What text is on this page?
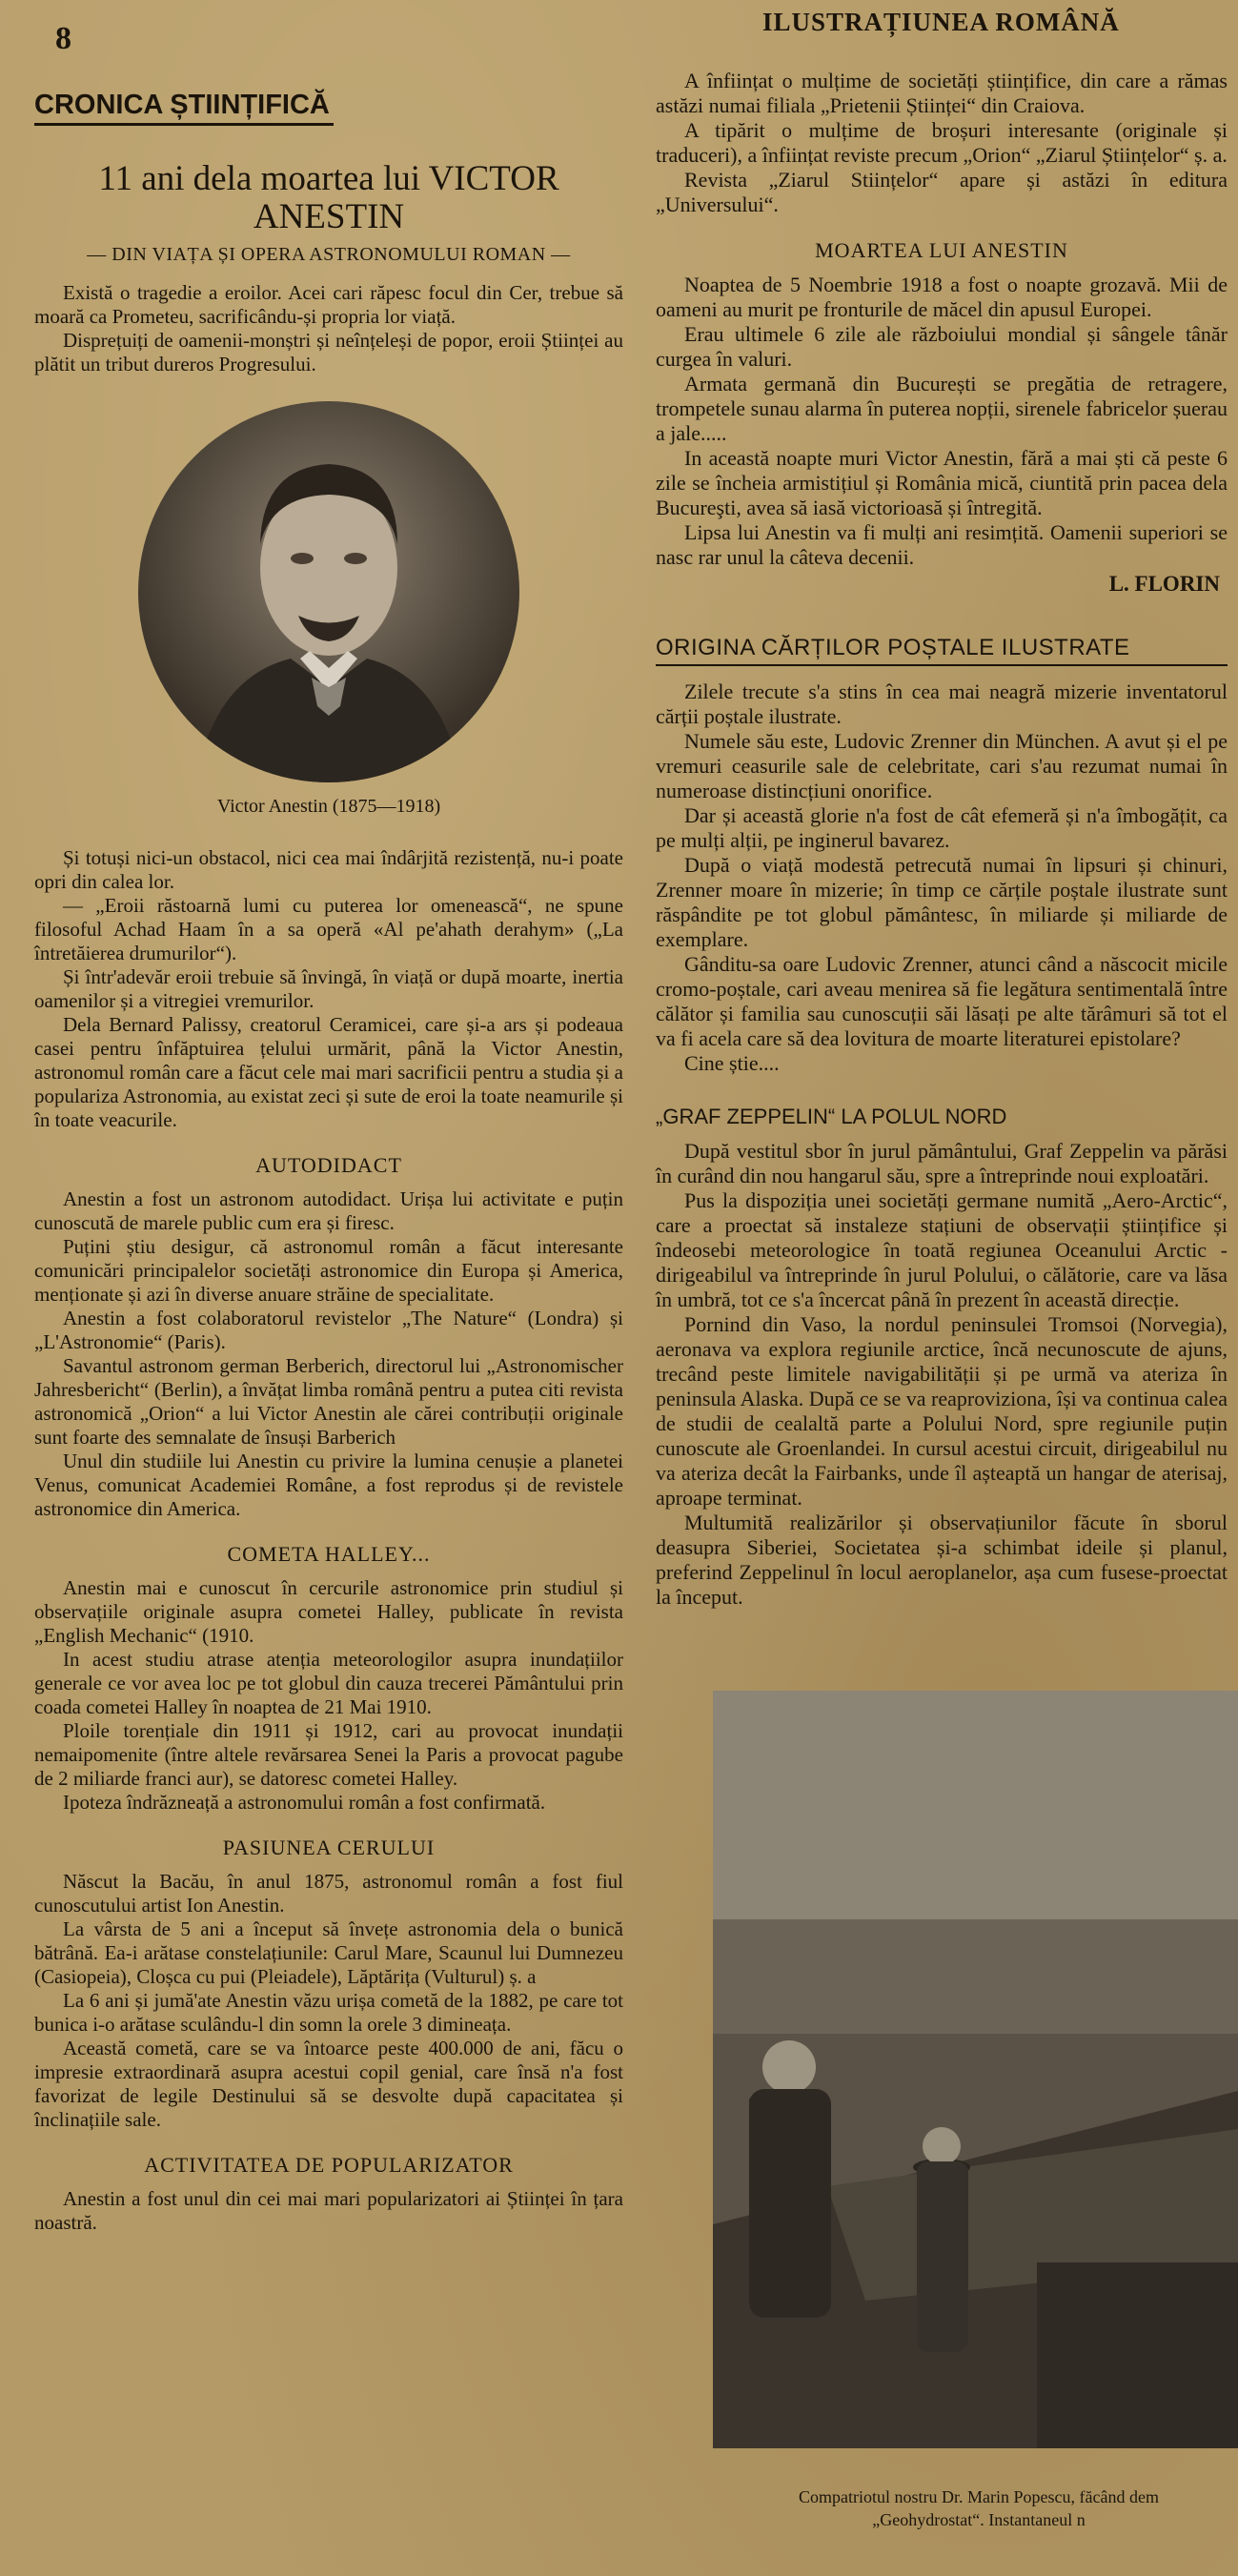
8	ILUSTRAȚIUNEA ROMÂNĂ
CRONICA ȘTIINȚIFICĂ
11 ani dela moartea lui VICTOR
ANESTIN
— DIN VIAȚA ȘI OPERA ASTRONOMULUI ROMAN —

Există o tragedie a eroilor. Acei cari răpesc focul din Cer, trebue să moară ca Prometeu, sacrificându-și propria lor viață.

Disprețuiți de oamenii-monștri și neînțeleși de popor, eroii Științei au plătit un tribut dureros Progresului.

Victor Anestin (1875—1918)

Și totuși nici-un obstacol, nici cea mai îndârjită rezistență, nu-i poate opri din calea lor.

— „Eroii răstoarnă lumi cu puterea lor omenească“, ne spune filosoful Achad Haam în a sa operă «Al pe'ahath derahym» („La întretăierea drumurilor“).

Și într'adevăr eroii trebuie să învingă, în viață or după moarte, inertia oamenilor și a vitregiei vremurilor.

Dela Bernard Palissy, creatorul Ceramicei, care și-a ars și podeaua casei pentru înfăptuirea țelului urmărit, până la Victor Anestin, astronomul român care a făcut cele mai mari sacrificii pentru a studia și a populariza Astronomia, au existat zeci și sute de eroi la toate neamurile și în toate veacurile.

AUTODIDACT

Anestin a fost un astronom autodidact. Urișa lui activitate e puțin cunoscută de marele public cum era și firesc.

Puțini știu desigur, că astronomul român a făcut interesante comunicări principalelor societăți astronomice din Europa și America, menționate și azi în diverse anuare străine de specialitate.

Anestin a fost colaboratorul revistelor „The Nature“ (Londra) și „L'Astronomie“ (Paris).

Savantul astronom german Berberich, directorul lui „Astronomischer Jahresbericht“ (Berlin), a învățat limba română pentru a putea citi revista astronomică „Orion“ a lui Victor Anestin ale cărei contribuții originale sunt foarte des semnalate de însuși Barberich

Unul din studiile lui Anestin cu privire la lumina cenușie a planetei Venus, comunicat Academiei Române, a fost reprodus și de revistele astronomice din America.

COMETA HALLEY...

Anestin mai e cunoscut în cercurile astronomice prin studiul și observațiile originale asupra cometei Halley, publicate în revista „English Mechanic“ (1910.

In acest studiu atrase atenția meteorologilor asupra inundațiilor generale ce vor avea loc pe tot globul din cauza trecerei Pământului prin coada cometei Halley în noaptea de 21 Mai 1910.

Ploile torențiale din 1911 și 1912, cari au provocat inundații nemaipomenite (între altele revărsarea Senei la Paris a provocat pagube de 2 miliarde franci aur), se datoresc cometei Halley.

Ipoteza îndrăzneață a astronomului român a fost confirmată.

PASIUNEA CERULUI

Născut la Bacău, în anul 1875, astronomul român a fost fiul cunoscutului artist Ion Anestin.

La vârsta de 5 ani a început să învețe astronomia dela o bunică bătrână. Ea-i arătase constelațiunile: Carul Mare, Scaunul lui Dumnezeu (Casiopeia), Cloșca cu pui (Pleiadele), Lăptărița (Vulturul) ș. a

La 6 ani și jumă'ate Anestin văzu urișa cometă de la 1882, pe care tot bunica i-o arătase sculându-l din somn la orele 3 dimineața.

Această cometă, care se va întoarce peste 400.000 de ani, făcu o impresie extraordinară asupra acestui copil genial, care însă n'a fost favorizat de legile Destinului să se desvolte după capacitatea și înclinațiile sale.

ACTIVITATEA DE POPULARIZATOR

Anestin a fost unul din cei mai mari popularizatori ai Științei în țara noastră.

A înființat o mulțime de societăți științifice, din care a rămas astăzi numai filiala „Prietenii Științei“ din Craiova.

A tipărit o mulțime de broșuri interesante (originale și traduceri), a înființat reviste precum „Orion“ „Ziarul Științelor“ ș. a.

Revista „Ziarul Stiințelor“ apare și astăzi în editura „Universului“.

MOARTEA LUI ANESTIN

Noaptea de 5 Noembrie 1918 a fost o noapte grozavă. Mii de oameni au murit pe fronturile de măcel din apusul Europei.

Erau ultimele 6 zile ale războiului mondial și sângele tânăr curgea în valuri.

Armata germană din București se pregătia de retragere, trompetele sunau alarma în puterea nopții, sirenele fabricelor șuerau a jale.....

In această noapte muri Victor Anestin, fără a mai ști că peste 6 zile se încheia armistițiul și România mică, ciuntită prin pacea dela Bucureşti, avea să iasă victorioasă și întregită.

Lipsa lui Anestin va fi mulți ani resimțită. Oamenii superiori se nasc rar unul la câteva decenii.

L. FLORIN
ORIGINA CĂRȚILOR POȘTALE ILUSTRATE

Zilele trecute s'a stins în cea mai neagră mizerie inventatorul cărții poștale ilustrate.

Numele său este, Ludovic Zrenner din München. A avut și el pe vremuri ceasurile sale de celebritate, cari s'au rezumat numai în numeroase distincțiuni onorifice.

Dar și această glorie n'a fost de cât efemeră și n'a îmbogățit, ca pe mulți alții, pe inginerul bavarez.

După o viață modestă petrecută numai în lipsuri și chinuri, Zrenner moare în mizerie; în timp ce cărțile poștale ilustrate sunt răspândite pe tot globul pământesc, în miliarde și miliarde de exemplare.

Gânditu-sa oare Ludovic Zrenner, atunci când a născocit micile cromo-poștale, cari aveau menirea să fie legătura sentimentală între călător și familia sau cunoscuții săi lăsați pe alte tărâmuri să tot el va fi acela care să dea lovitura de moarte literaturei epistolare?

Cine știe....

„GRAF ZEPPELIN“ LA POLUL NORD

După vestitul sbor în jurul pământului, Graf Zeppelin va părăsi în curând din nou hangarul său, spre a întreprinde noui exploatări.

Pus la dispoziția unei societăți germane numită „Aero-Arctic“, care a proectat să instaleze stațiuni de observații științifice și îndeosebi meteorologice în toată regiunea Oceanului Arctic - dirigeabilul va întreprinde în jurul Polului, o călătorie, care va lăsa în umbră, tot ce s'a încercat până în prezent în această direcție.

Pornind din Vaso, la nordul peninsulei Tromsoi (Norvegia), aeronava va explora regiunile arctice, încă necunoscute de ajuns, trecând peste limitele navigabilității și pe urmă va ateriza în peninsula Alaska. După ce se va reaproviziona, își va continua calea de studii de cealaltă parte a Polului Nord, spre regiunile puțin cunoscute ale Groenlandei. In cursul acestui circuit, dirigeabilul nu va ateriza decât la Fairbanks, unde îl așteaptă un hangar de aterisaj, aproape terminat.

Multumită realizărilor și observațiunilor făcute în sborul deasupra Siberiei, Societatea și-a schimbat ideile și planul, preferind Zeppelinul în locul aeroplanelor, așa cum fusese-proectat la început.

Compatriotul nostru Dr. Marin Popescu, făcând dem
„Geohydrostat“. Instantaneul n
